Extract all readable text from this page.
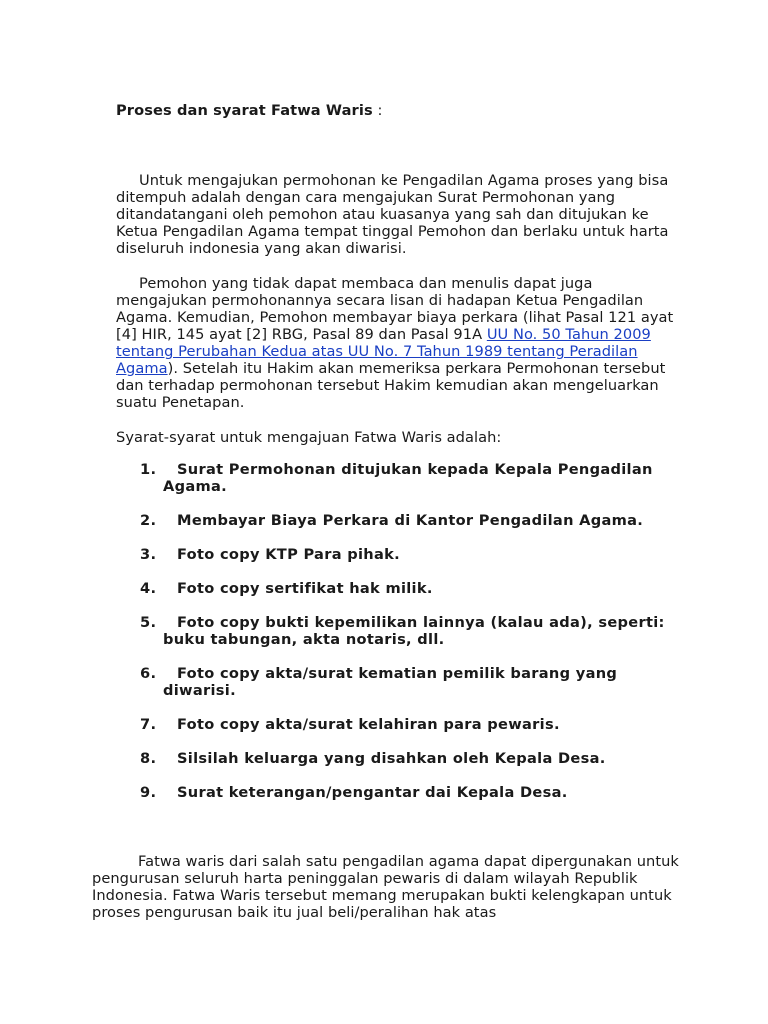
Proses dan syarat Fatwa Waris :

Untuk mengajukan permohonan ke Pengadilan Agama proses yang bisa ditempuh adalah dengan cara mengajukan Surat Permohonan yang ditandatangani oleh pemohon atau kuasanya yang sah dan ditujukan ke Ketua Pengadilan Agama tempat tinggal Pemohon dan berlaku untuk harta diseluruh indonesia yang akan diwarisi.

Pemohon yang tidak dapat membaca dan menulis dapat juga mengajukan permohonannya secara lisan di hadapan Ketua Pengadilan Agama. Kemudian, Pemohon membayar biaya perkara (lihat Pasal 121 ayat [4] HIR, 145 ayat [2] RBG, Pasal 89 dan Pasal 91A UU No. 50 Tahun 2009 tentang Perubahan Kedua atas UU No. 7 Tahun 1989 tentang Peradilan Agama). Setelah itu Hakim akan memeriksa perkara Permohonan tersebut dan terhadap permohonan tersebut Hakim kemudian akan mengeluarkan suatu Penetapan.

Syarat-syarat untuk mengajuan Fatwa Waris adalah:

1.	Surat Permohonan ditujukan kepada Kepala Pengadilan Agama.
2.	Membayar Biaya Perkara di Kantor Pengadilan Agama.
3.	Foto copy KTP Para pihak.
4.	Foto copy sertifikat hak milik.
5.	Foto copy bukti kepemilikan lainnya (kalau ada), seperti: buku tabungan, akta notaris, dll.
6.	Foto copy akta/surat kematian pemilik barang yang diwarisi.
7.	Foto copy akta/surat kelahiran para pewaris.
8.	Silsilah keluarga yang disahkan oleh Kepala Desa.
9.	Surat keterangan/pengantar dai Kepala Desa.

Fatwa waris dari salah satu pengadilan agama dapat dipergunakan untuk pengurusan seluruh harta peninggalan pewaris di dalam wilayah Republik Indonesia. Fatwa Waris tersebut memang merupakan bukti kelengkapan untuk proses pengurusan baik itu jual beli/peralihan hak atas
